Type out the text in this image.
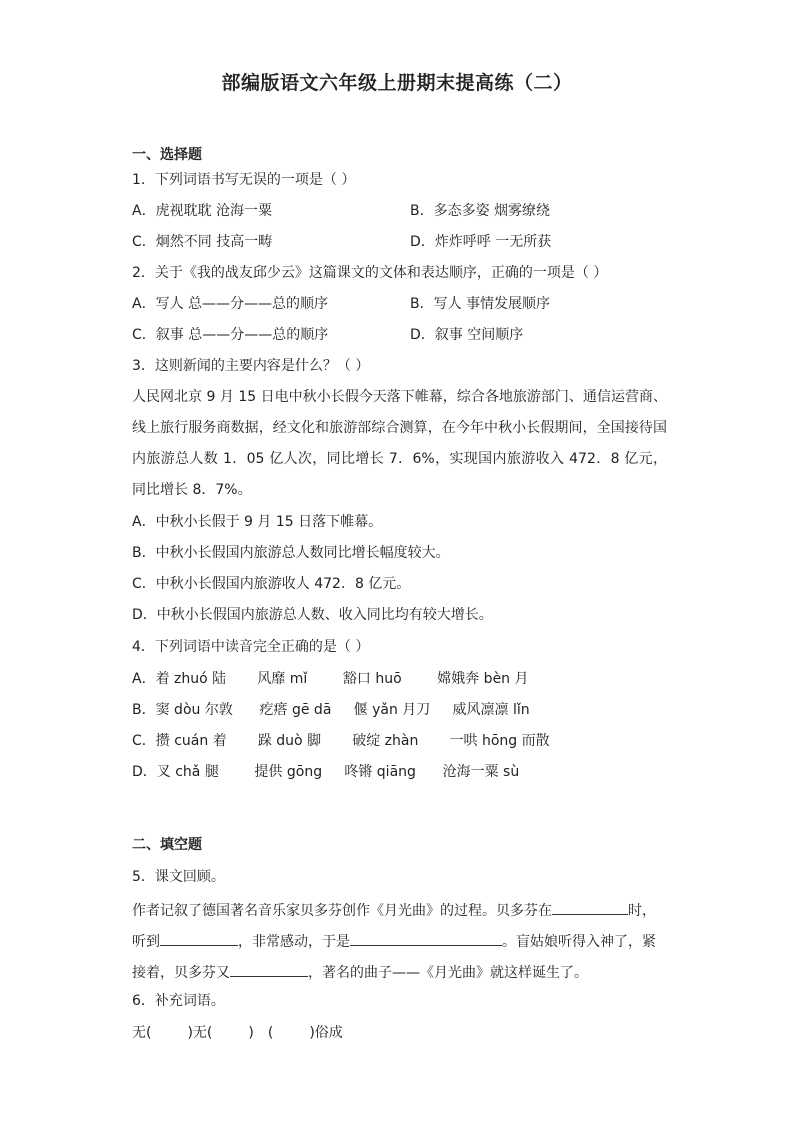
部编版语文六年级上册期末提高练（二）
一、选择题
1．下列词语书写无误的一项是（ ）
A．虎视耽耽 沧海一粟	B．多态多姿 烟雾缭绕
C．炯然不同 技高一畴	D．炸炸呼呼 一无所获
2．关于《我的战友邱少云》这篇课文的文体和表达顺序，正确的一项是（ ）
A．写人 总——分——总的顺序	B．写人 事情发展顺序
C．叙事 总——分——总的顺序	D．叙事 空间顺序
3．这则新闻的主要内容是什么？（ ）
人民网北京 9 月 15 日电中秋小长假今天落下帷幕，综合各地旅游部门、通信运营商、线上旅行服务商数据，经文化和旅游部综合测算，在今年中秋小长假期间，全国接待国内旅游总人数 1．05 亿人次，同比增长 7．6%，实现国内旅游收入 472．8 亿元，同比增长 8．7%。
A．中秋小长假于 9 月 15 日落下帷幕。
B．中秋小长假国内旅游总人数同比增长幅度较大。
C．中秋小长假国内旅游收人 472．8 亿元。
D．中秋小长假国内旅游总人数、收入同比均有较大增长。
4．下列词语中读音完全正确的是（ ）
A．着 zhuó 陆       风靡 mǐ        豁口 huō        嫦娥奔 bèn 月
B．窦 dòu 尔敦      疙瘩 gē dā     偃 yǎn 月刀     威风凛凛 lǐn
C．攒 cuán 着       跺 duò 脚       破绽 zhàn       一哄 hōng 而散
D．叉 chǎ 腿        提供 gōng     咚锵 qiāng      沧海一粟 sù
二、填空题
5．课文回顾。
作者记叙了德国著名音乐家贝多芬创作《月光曲》的过程。贝多芬在	时，
听到	，非常感动，于是	。盲姑娘听得入神了，紧
接着，贝多芬又	，著名的曲子——《月光曲》就这样诞生了。
6．补充词语。
无(	)无(	) (	)俗成
